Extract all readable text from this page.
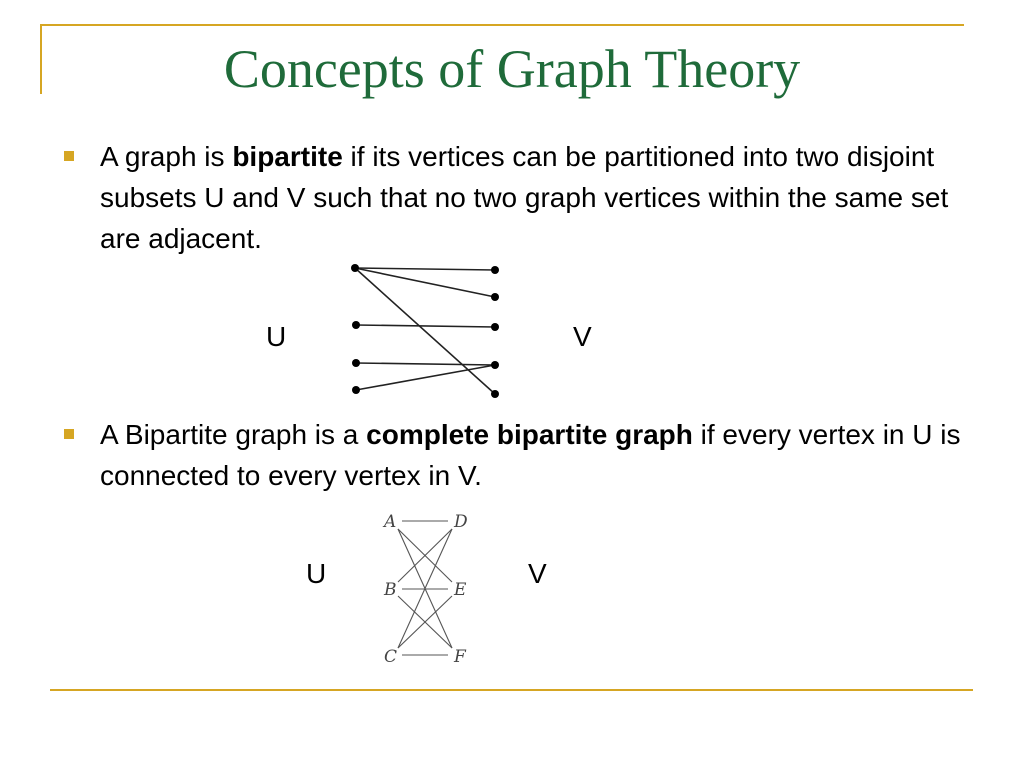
Concepts of Graph Theory
A graph is bipartite if its vertices can be partitioned into two disjoint subsets U and V such that no two graph vertices within the same set are adjacent.
U	V
A Bipartite graph is a complete bipartite graph if every vertex in U is connected to every vertex in V.
U	V
A
B
C
D
E
F
